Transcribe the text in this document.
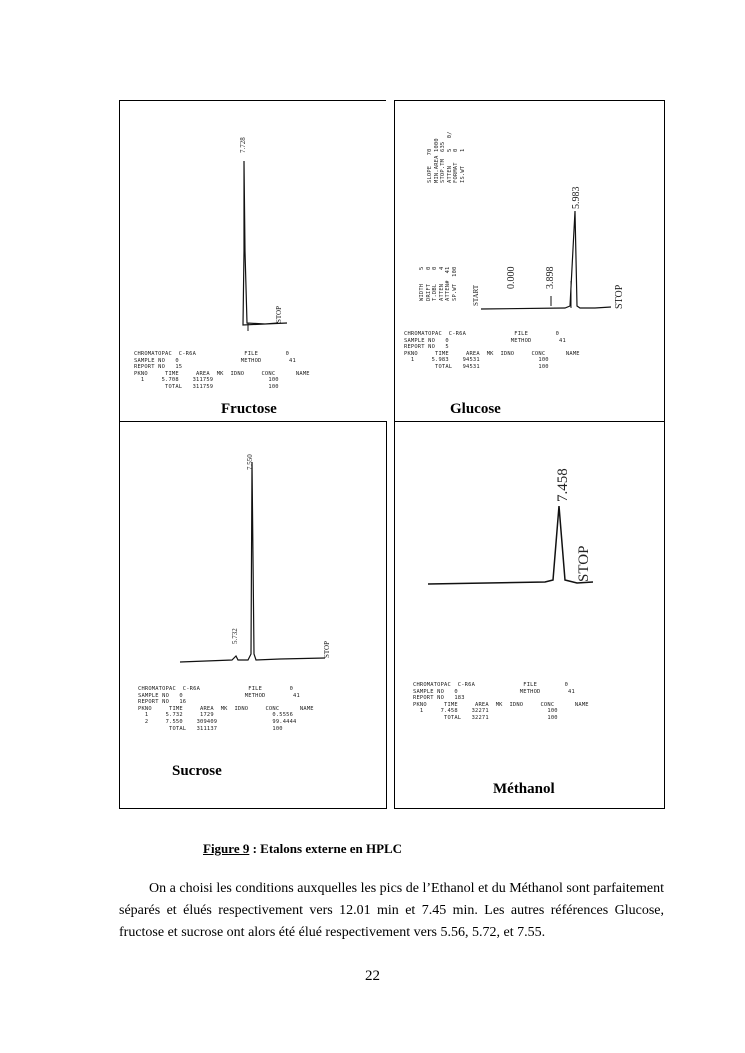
7.728
STOP
CHROMATOPAC  C-R6A              FILE        0
SAMPLE NO   0                  METHOD        41
REPORT NO   15
PKNO     TIME     AREA  MK  IDNO     CONC      NAME
1     5.708    311759                100
TOTAL   311759                100
Fructose
SLOPE   70
MIN.AREA 1000
STOP.TM  635
ATTEN    5   0/
FORMAT   0
IS.WT    1
WIDTH    5
DRIFT    0
T.DBL    0
ATTEN    4
ATTEN#  41
SP.WT  100
START
0.000	3.898
5.983
STOP
CHROMATOPAC  C-R6A              FILE        0
SAMPLE NO   0                  METHOD        41
REPORT NO   5
PKNO     TIME     AREA  MK  IDNO     CONC      NAME
1     5.983    94531                 100
TOTAL   94531                 100
Glucose
7.550
5.732
STOP
CHROMATOPAC  C-R6A              FILE        0
SAMPLE NO   0                  METHOD        41
REPORT NO   16
PKNO     TIME     AREA  MK  IDNO     CONC      NAME
1     5.732     1729                 0.5556
2     7.550    309409                99.4444
TOTAL   311137                100
Sucrose
7.458
STOP
CHROMATOPAC  C-R6A              FILE        0
SAMPLE NO   0                  METHOD        41
REPORT NO   183
PKNO     TIME     AREA  MK  IDNO     CONC      NAME
1     7.458    32271                 100
TOTAL   32271                 100
Méthanol
Figure 9 : Etalons externe en HPLC
On a choisi les conditions auxquelles les pics de l’Ethanol et du Méthanol sont parfaitement séparés et élués respectivement vers 12.01 min et 7.45 min. Les autres références Glucose, fructose et sucrose ont alors été élué respectivement vers 5.56, 5.72, et 7.55.
22
